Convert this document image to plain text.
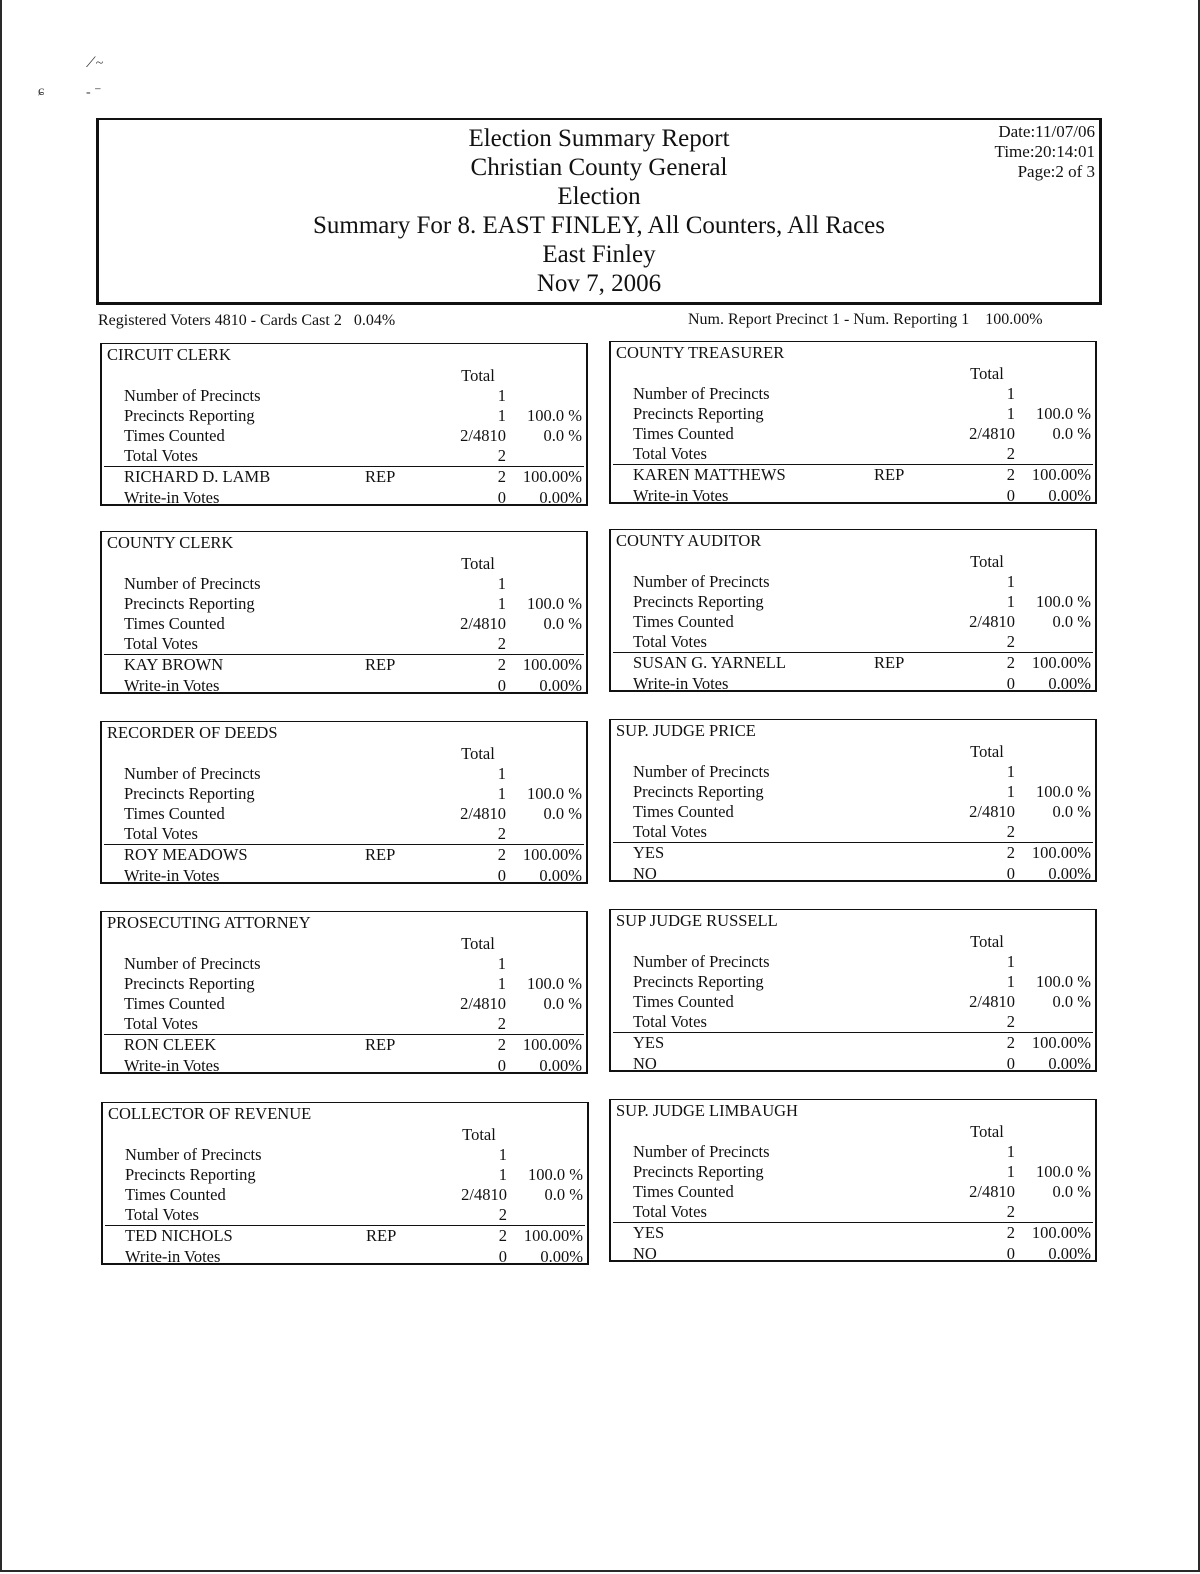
⟋~
ɕ	- ⁻
Election Summary Report
Christian County General
Election
Summary For 8. EAST FINLEY, All Counters, All Races
East Finley
Nov 7, 2006
Date:11/07/06
Time:20:14:01
Page:2 of 3
Registered Voters 4810 - Cards Cast 2   0.04%	Num. Report Precinct 1 - Num. Reporting 1    100.00%
CIRCUIT CLERK
Total
Number of Precincts	1
Precincts Reporting	1 100.0 %
Times Counted	2/4810 0.0 %
Total Votes	2
RICHARD D. LAMB	REP	2 100.00%
Write-in Votes	0 0.00%
COUNTY TREASURER
Total
Number of Precincts	1
Precincts Reporting	1 100.0 %
Times Counted	2/4810 0.0 %
Total Votes	2
KAREN MATTHEWS	REP	2 100.00%
Write-in Votes	0 0.00%
COUNTY CLERK
Total
Number of Precincts	1
Precincts Reporting	1 100.0 %
Times Counted	2/4810 0.0 %
Total Votes	2
KAY BROWN	REP	2 100.00%
Write-in Votes	0 0.00%
COUNTY AUDITOR
Total
Number of Precincts	1
Precincts Reporting	1 100.0 %
Times Counted	2/4810 0.0 %
Total Votes	2
SUSAN G. YARNELL	REP	2 100.00%
Write-in Votes	0 0.00%
RECORDER OF DEEDS
Total
Number of Precincts	1
Precincts Reporting	1 100.0 %
Times Counted	2/4810 0.0 %
Total Votes	2
ROY MEADOWS	REP	2 100.00%
Write-in Votes	0 0.00%
SUP. JUDGE PRICE
Total
Number of Precincts	1
Precincts Reporting	1 100.0 %
Times Counted	2/4810 0.0 %
Total Votes	2
YES	2 100.00%
NO	0 0.00%
PROSECUTING ATTORNEY
Total
Number of Precincts	1
Precincts Reporting	1 100.0 %
Times Counted	2/4810 0.0 %
Total Votes	2
RON CLEEK	REP	2 100.00%
Write-in Votes	0 0.00%
SUP JUDGE RUSSELL
Total
Number of Precincts	1
Precincts Reporting	1 100.0 %
Times Counted	2/4810 0.0 %
Total Votes	2
YES	2 100.00%
NO	0 0.00%
COLLECTOR OF REVENUE
Total
Number of Precincts	1
Precincts Reporting	1 100.0 %
Times Counted	2/4810 0.0 %
Total Votes	2
TED NICHOLS	REP	2 100.00%
Write-in Votes	0 0.00%
SUP. JUDGE LIMBAUGH
Total
Number of Precincts	1
Precincts Reporting	1 100.0 %
Times Counted	2/4810 0.0 %
Total Votes	2
YES	2 100.00%
NO	0 0.00%
